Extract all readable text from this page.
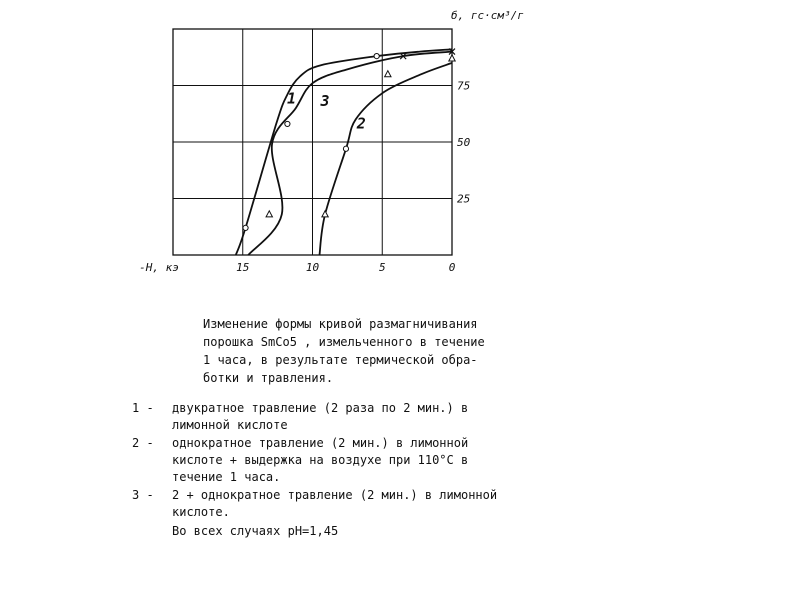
15	10	5	0
25
50
75
-H, кэ
б, гс·см³/г
1 3
2
Изменение формы кривой размагничивания
порошка SmCo5 , измельченного в течение
1 часа, в результате термической обра-
ботки и травления.
1 -	двукратное травление (2 раза по 2 мин.) в
лимонной кислоте
2 -	однократное травление (2 мин.) в лимонной
кислоте + выдержка на воздухе при 110°С в
течение 1 часа.
3 -	2 + однократное травление (2 мин.) в лимонной
кислоте.
Во всех случаях pH=1,45
